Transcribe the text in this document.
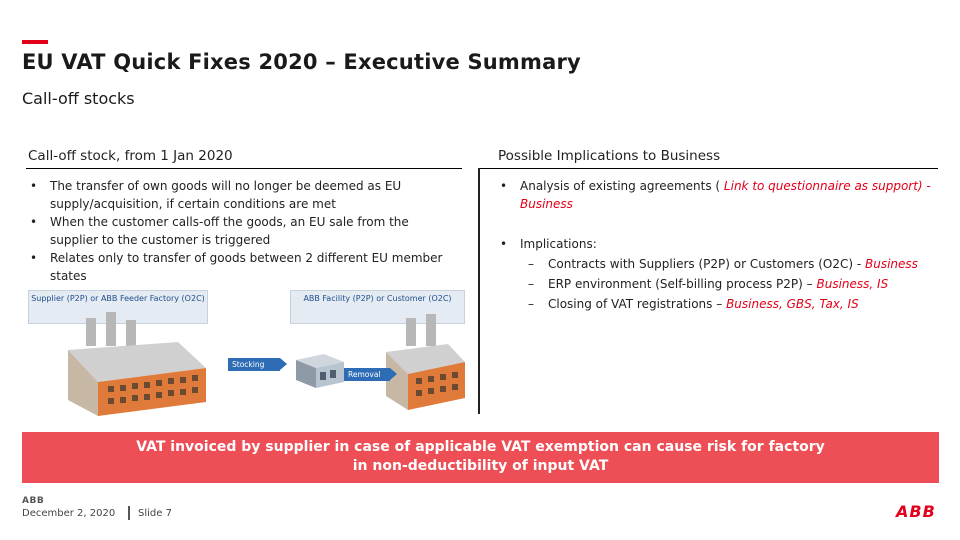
EU VAT Quick Fixes 2020 – Executive Summary
Call-off stocks
Call-off stock, from 1 Jan 2020
• The transfer of own goods will no longer be deemed as EU supply/acquisition, if certain conditions are met
• When the customer calls-off the goods, an EU sale from the supplier to the customer is triggered
• Relates only to transfer of goods between 2 different EU member states
Supplier (P2P) or ABB Feeder Factory (O2C)	ABB Facility (P2P) or Customer (O2C)
Stocking
Removal
Possible Implications to Business
• Analysis of existing agreements ( Link to questionnaire as support) - Business
• Implications:
– Contracts with Suppliers (P2P) or Customers (O2C) - Business
– ERP environment (Self-billing process P2P) – Business, IS
– Closing of VAT registrations – Business, GBS, Tax, IS
VAT invoiced by supplier in case of applicable VAT exemption can cause risk for factory
in non-deductibility of input VAT
ABB
December 2, 2020 Slide 7	ABB
